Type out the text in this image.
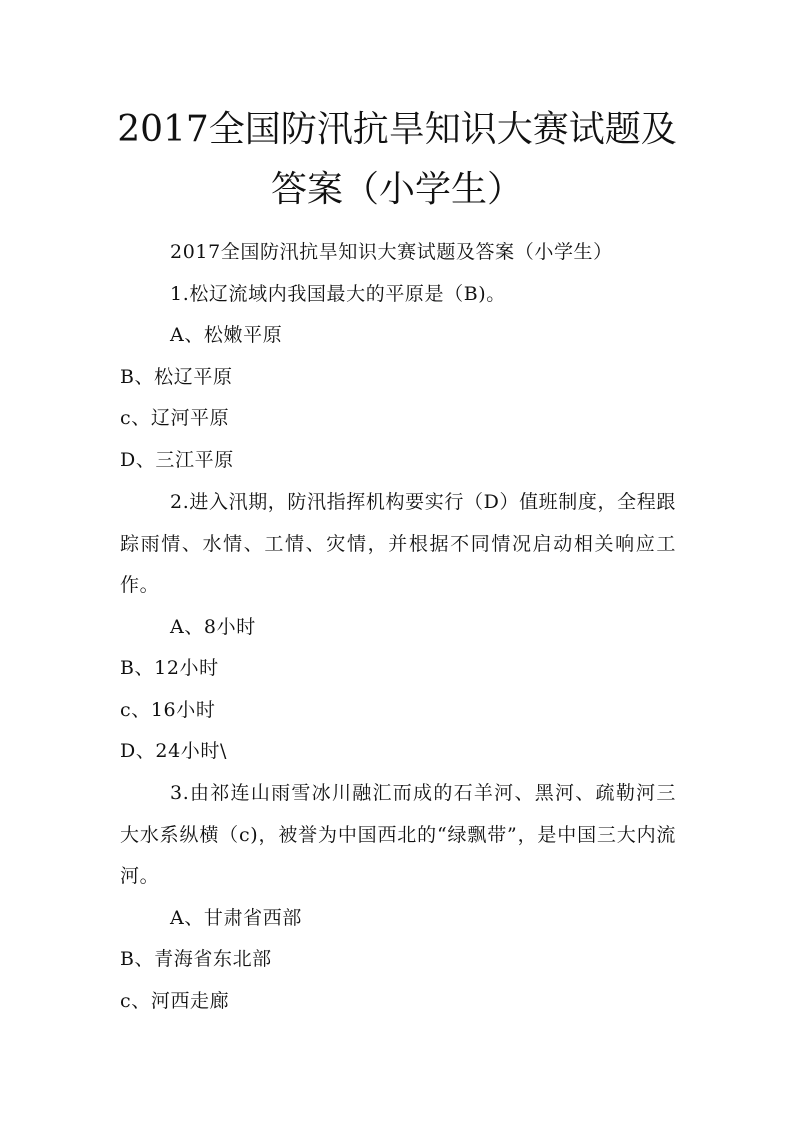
2017全国防汛抗旱知识大赛试题及
答案（小学生）
2017全国防汛抗旱知识大赛试题及答案（小学生）
1.松辽流域内我国最大的平原是（B)。
A、松嫩平原
B、松辽平原
c、辽河平原
D、三江平原
2.进入汛期，防汛指挥机构要实行（D）值班制度，全程跟踪雨情、水情、工情、灾情，并根据不同情况启动相关响应工作。
A、8小时
B、12小时
c、16小时
D、24小时\
3.由祁连山雨雪冰川融汇而成的石羊河、黑河、疏勒河三大水系纵横（c)，被誉为中国西北的“绿飘带”，是中国三大内流河。
A、甘肃省西部
B、青海省东北部
c、河西走廊
